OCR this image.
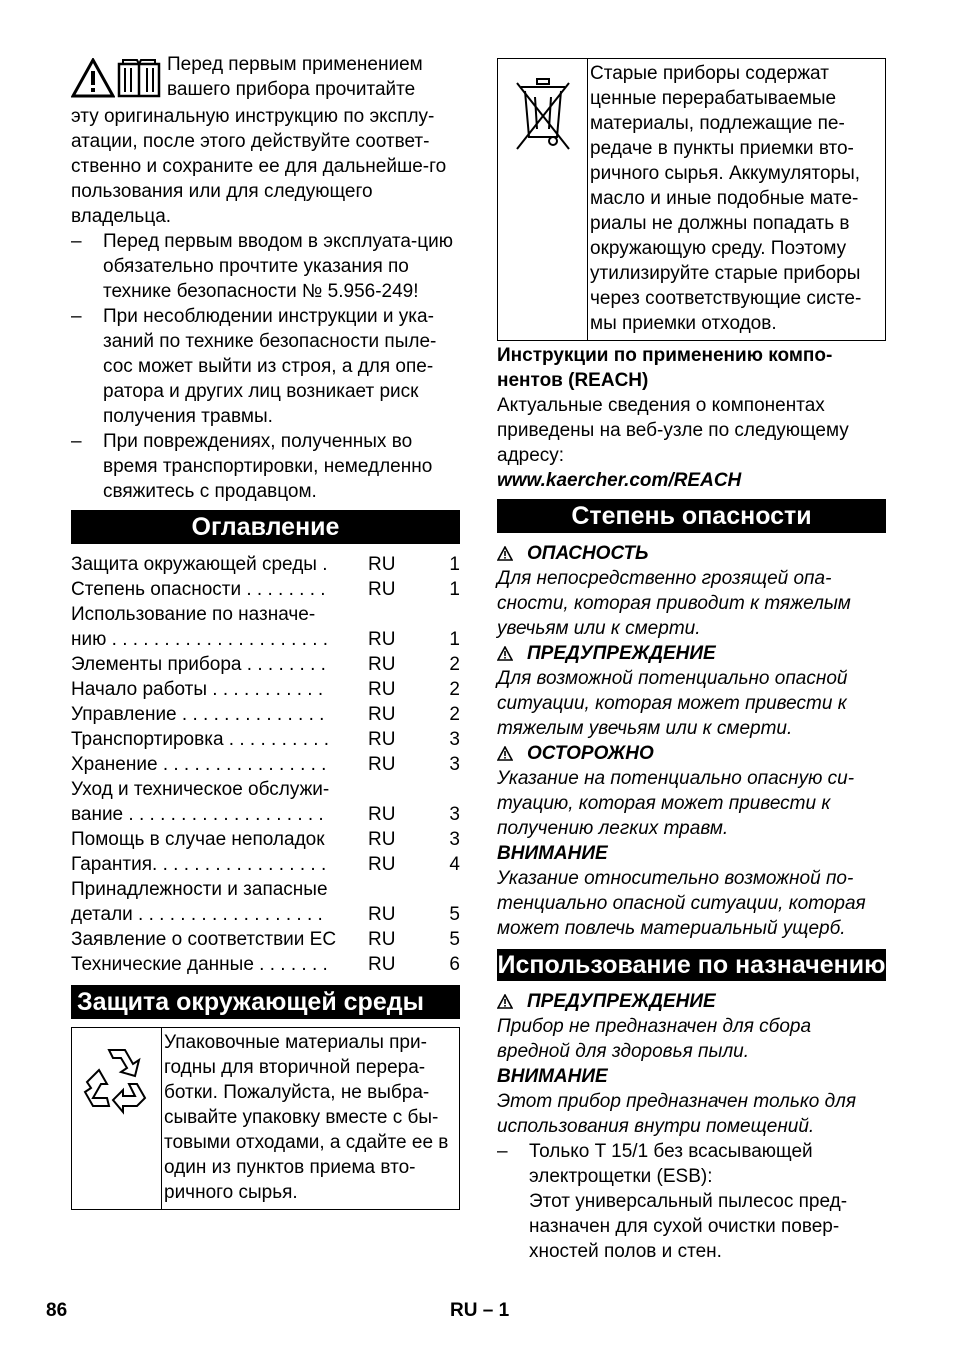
Перед первым применением

вашего прибора прочитайте

эту оригинальную инструкцию по эксплу-атации, после этого действуйте соответ-ственно и сохраните ее для дальнейше-го пользования или для следующего владельца.

– Перед первым вводом в эксплуата-цию обязательно прочтите указания по технике безопасности № 5.956-249!
– При несоблюдении инструкции и ука-заний по технике безопасности пыле-сос может выйти из строя, а для опе-ратора и других лиц возникает риск получения травмы.
– При повреждениях, полученных во время транспортировки, немедленно свяжитесь с продавцом.
Оглавление
Защита окружающей среды .	RU	1
Степень опасности . . . . . . . .	RU	1
Использование по назначе-
нию . . . . . . . . . . . . . . . . . . . . .	RU	1
Элементы прибора . . . . . . . .	RU	2
Начало работы . . . . . . . . . . .	RU	2
Управление . . . . . . . . . . . . . .	RU	2
Транспортировка . . . . . . . . . .	RU	3
Хранение . . . . . . . . . . . . . . . .	RU	3
Уход и техническое обслужи-
вание . . . . . . . . . . . . . . . . . . .	RU	3
Помощь в случае неполадок	RU	3
Гарантия. . . . . . . . . . . . . . . . .	RU	4
Принадлежности и запасные
детали . . . . . . . . . . . . . . . . . .	RU	5
Заявление о соответствии ЕС	RU	5
Технические данные . . . . . . .	RU	6
Защита окружающей среды
Упаковочные материалы при-годны для вторичной перера-ботки. Пожалуйста, не выбра-сывайте упаковку вместе с бы-товыми отходами, а сдайте ее в один из пунктов приема вто-ричного сырья.
Старые приборы содержат ценные перерабатываемые материалы, подлежащие пе-редаче в пункты приемки вто-ричного сырья. Аккумуляторы, масло и иные подобные мате-риалы не должны попадать в окружающую среду. Поэтому утилизируйте старые приборы через соответствующие систе-мы приемки отходов.

Инструкции по применению компо-нентов (REACH)

Актуальные сведения о компонентах приведены на веб-узле по следующему адресу:

www.kaercher.com/REACH

Степень опасности
ОПАСНОСТЬ

Для непосредственно грозящей опа-сности, которая приводит к тяжелым увечьям или к смерти.

ПРЕДУПРЕЖДЕНИЕ

Для возможной потенциально опасной ситуации, которая может привести к тяжелым увечьям или к смерти.

ОСТОРОЖНО

Указание на потенциально опасную си-туацию, которая может привести к получению легких травм.

ВНИМАНИЕ

Указание относительно возможной по-тенциально опасной ситуации, которая может повлечь материальный ущерб.

Использование по назначению
ПРЕДУПРЕЖДЕНИЕ

Прибор не предназначен для сбора вредной для здоровья пыли.

ВНИМАНИЕ

Этот прибор предназначен только для использования внутри помещений.

– Только T 15/1 без всасывающей электрощетки (ESB):
Этот универсальный пылесос пред-назначен для сухой очистки повер-хностей полов и стен.
86	RU – 1
